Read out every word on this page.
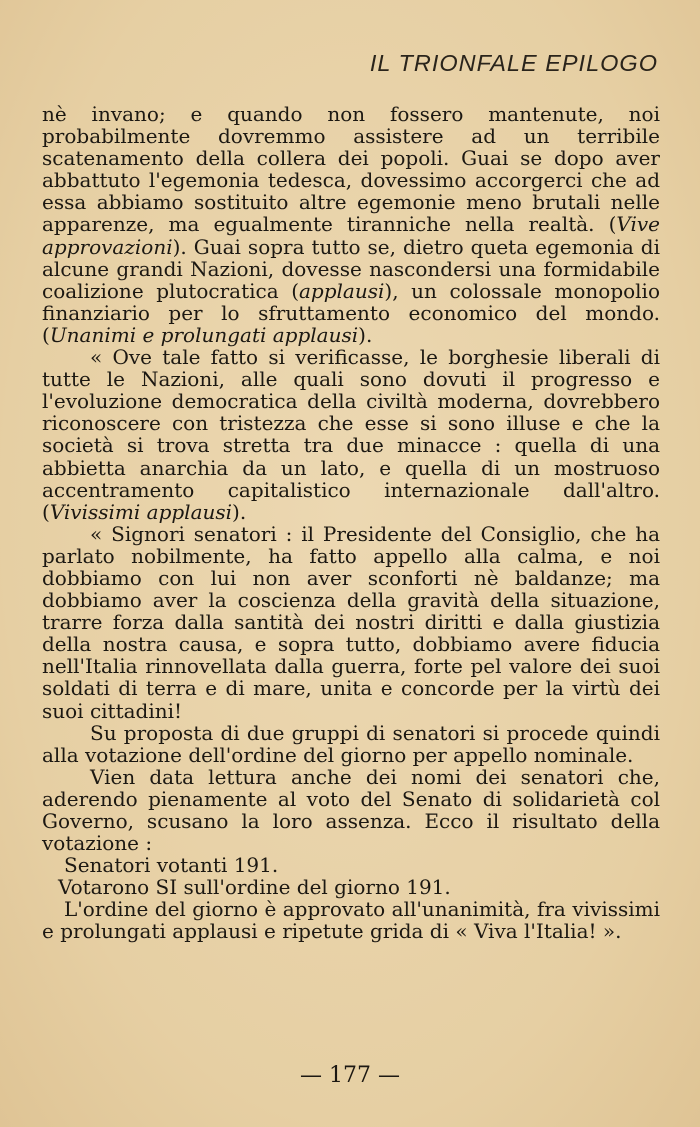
IL TRIONFALE EPILOGO

nè invano; e quando non fossero mantenute, noi probabilmente dovremmo assistere ad un terribile scatenamento della collera dei popoli. Guai se dopo aver abbattuto l'egemonia tedesca, dovessimo accorgerci che ad essa abbiamo sostituito altre egemonie meno brutali nelle apparenze, ma egualmente tiranniche nella realtà. (Vive approvazioni). Guai sopra tutto se, dietro queta egemonia di alcune grandi Nazioni, dovesse nascondersi una formidabile coalizione plutocratica (applausi), un colossale monopolio finanziario per lo sfruttamento economico del mondo. (Unanimi e prolungati applausi).

« Ove tale fatto si verificasse, le borghesie liberali di tutte le Nazioni, alle quali sono dovuti il progresso e l'evoluzione democratica della civiltà moderna, dovrebbero riconoscere con tristezza che esse si sono illuse e che la società si trova stretta tra due minacce : quella di una abbietta anarchia da un lato, e quella di un mostruoso accentramento capitalistico internazionale dall'altro. (Vivissimi applausi).

« Signori senatori : il Presidente del Consiglio, che ha parlato nobilmente, ha fatto appello alla calma, e noi dobbiamo con lui non aver sconforti nè baldanze; ma dobbiamo aver la coscienza della gravità della situazione, trarre forza dalla santità dei nostri diritti e dalla giustizia della nostra causa, e sopra tutto, dobbiamo avere fiducia nell'Italia rinnovellata dalla guerra, forte pel valore dei suoi soldati di terra e di mare, unita e concorde per la virtù dei suoi cittadini!

Su proposta di due gruppi di senatori si procede quindi alla votazione dell'ordine del giorno per appello nominale.

Vien data lettura anche dei nomi dei senatori che, aderendo pienamente al voto del Senato di solidarietà col Governo, scusano la loro assenza. Ecco il risultato della votazione :

Senatori votanti 191.

Votarono SI sull'ordine del giorno 191.

L'ordine del giorno è approvato all'unanimità, fra vivissimi e prolungati applausi e ripetute grida di « Viva l'Italia! ».

— 177 —
